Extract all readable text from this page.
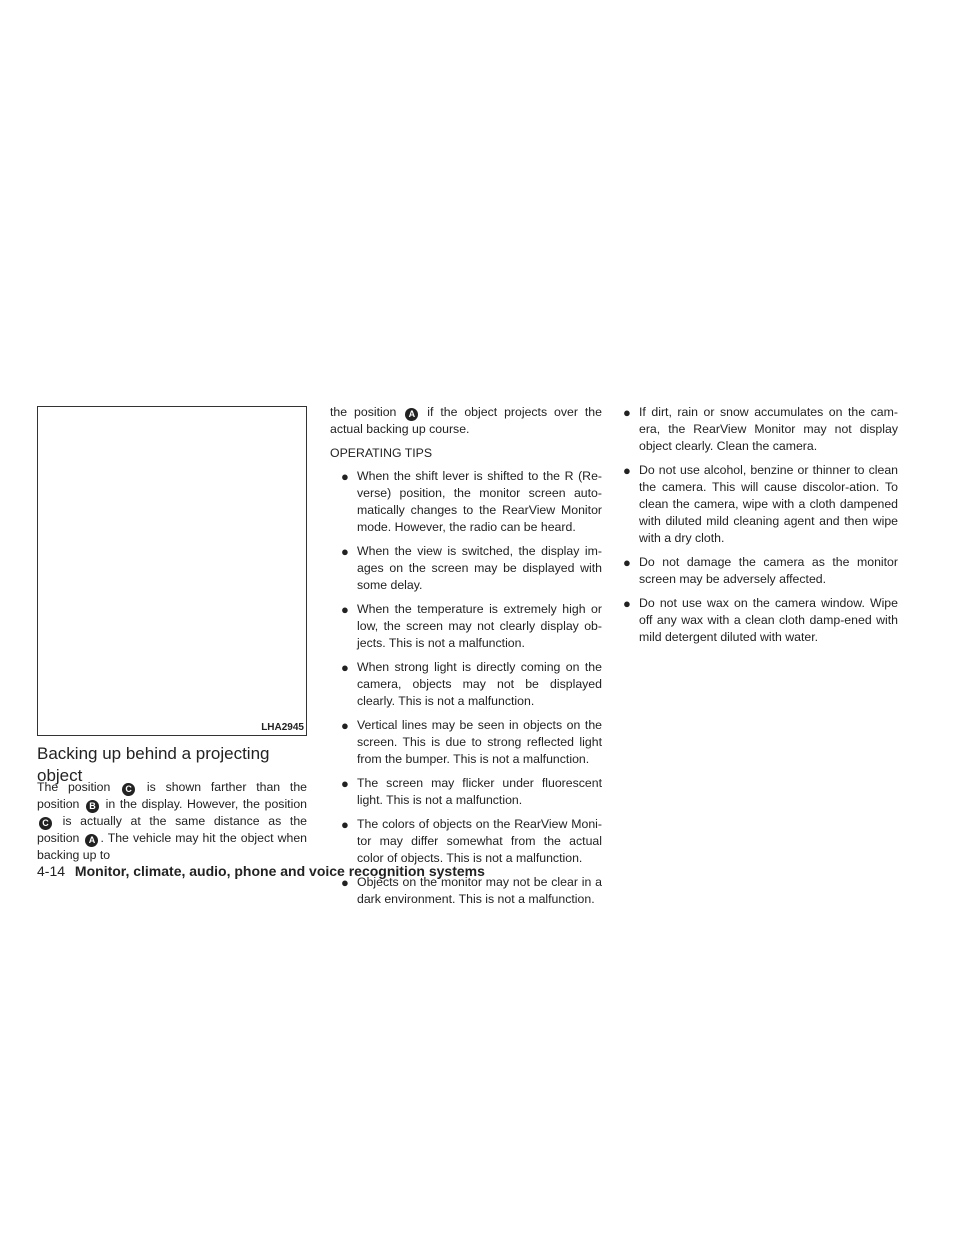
LHA2945
Backing up behind a projecting object

The position C is shown farther than the position B in the display. However, the position C is actually at the same distance as the position A . The vehicle may hit the object when backing up to

the position A if the object projects over the actual backing up course.

OPERATING TIPS

● When the shift lever is shifted to the R (Re-verse) position, the monitor screen auto-matically changes to the RearView Monitor mode. However, the radio can be heard.
● When the view is switched, the display im-ages on the screen may be displayed with some delay.
● When the temperature is extremely high or low, the screen may not clearly display ob-jects. This is not a malfunction.
● When strong light is directly coming on the camera, objects may not be displayed clearly. This is not a malfunction.
● Vertical lines may be seen in objects on the screen. This is due to strong reflected light from the bumper. This is not a malfunction.
● The screen may flicker under fluorescent light. This is not a malfunction.
● The colors of objects on the RearView Moni-tor may differ somewhat from the actual color of objects. This is not a malfunction.
● Objects on the monitor may not be clear in a dark environment. This is not a malfunction.
● If dirt, rain or snow accumulates on the cam-era, the RearView Monitor may not display object clearly. Clean the camera.
● Do not use alcohol, benzine or thinner to clean the camera. This will cause discolor-ation. To clean the camera, wipe with a cloth dampened with diluted mild cleaning agent and then wipe with a dry cloth.
● Do not damage the camera as the monitor screen may be adversely affected.
● Do not use wax on the camera window. Wipe off any wax with a clean cloth damp-ened with mild detergent diluted with water.
4-14 Monitor, climate, audio, phone and voice recognition systems
